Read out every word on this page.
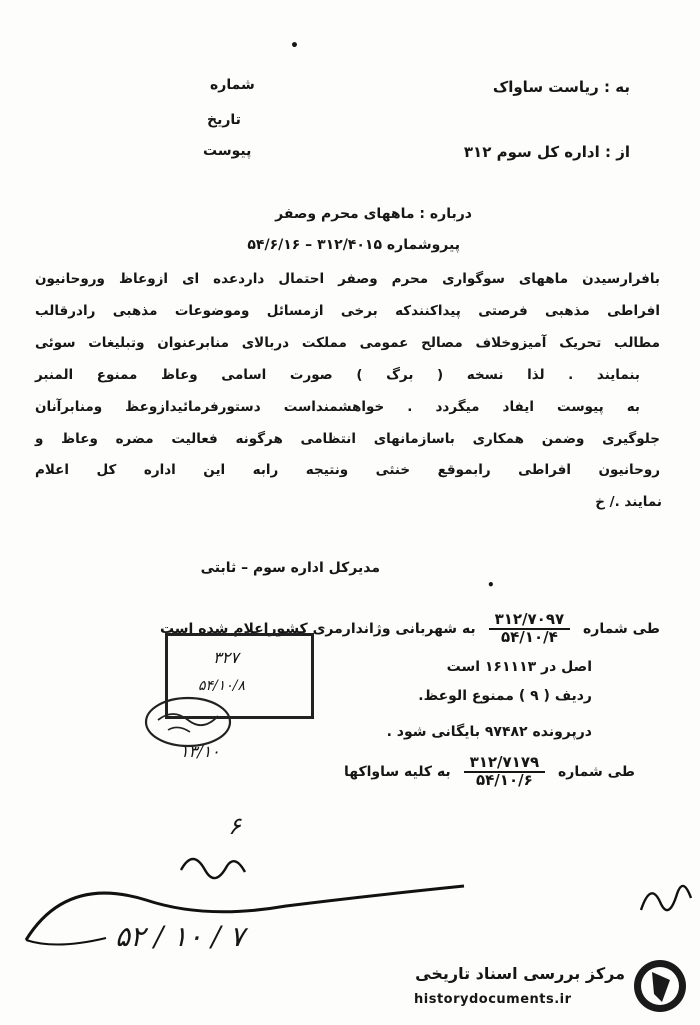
•
شماره
تاریخ
پیوست
به : ریاست ساواک
از : اداره کل سوم ۳۱۲
درباره : ماههای محرم وصفر
پیروشماره ۳۱۲/۴۰۱۵ – ۵۴/۶/۱۶
بافرارسیدن ماههای سوگواری محرم وصفر احتمال داردعده ای ازوعاظ وروحانیون
افراطی مذهبی فرصتی پیداکنندکه برخی ازمسائل وموضوعات مذهبی رادرقالب
مطالب تحریک آمیزوخلاف مصالح عمومی مملکت دربالای منابرعنوان وتبلیغات سوئی
بنمایند . لذا نسخه ( برگ ) صورت اسامی وعاظ ممنوع المنبر
به پیوست ایفاد میگردد . خواهشمنداست دستورفرمائیدازوعظ ومنابرآنان
جلوگیری وضمن همکاری باسازمانهای انتظامی هرگونه فعالیت مضره وعاظ و
روحانیون افراطی رابموقع خنثی ونتیجه رابه این اداره کل اعلام
نمایند ./ خ
مدیرکل اداره سوم – ثابتی
•
طی شماره
$\frac{۳۱۲/۷۰۹۷}{۵۴/۱۰/۴}$
به شهربانی وژاندارمری کشوراعلام شده است
اصل در ۱۶۱۱۱۳ است
ردیف ( ۹ ) ممنوع الوعظ.
درپرونده ۹۷۴۸۲ بایگانی شود .
طی شماره
$\frac{۳۱۲/۷۱۷۹}{۵۴/۱۰/۶}$
به کلیه ساواکها
۳۲۷
۵۴/۱۰/۸
۱۳/۱۰
۶
۵۲ / ۱۰ / ۷
مرکز بررسی اسناد تاریخی
historydocuments.ir
